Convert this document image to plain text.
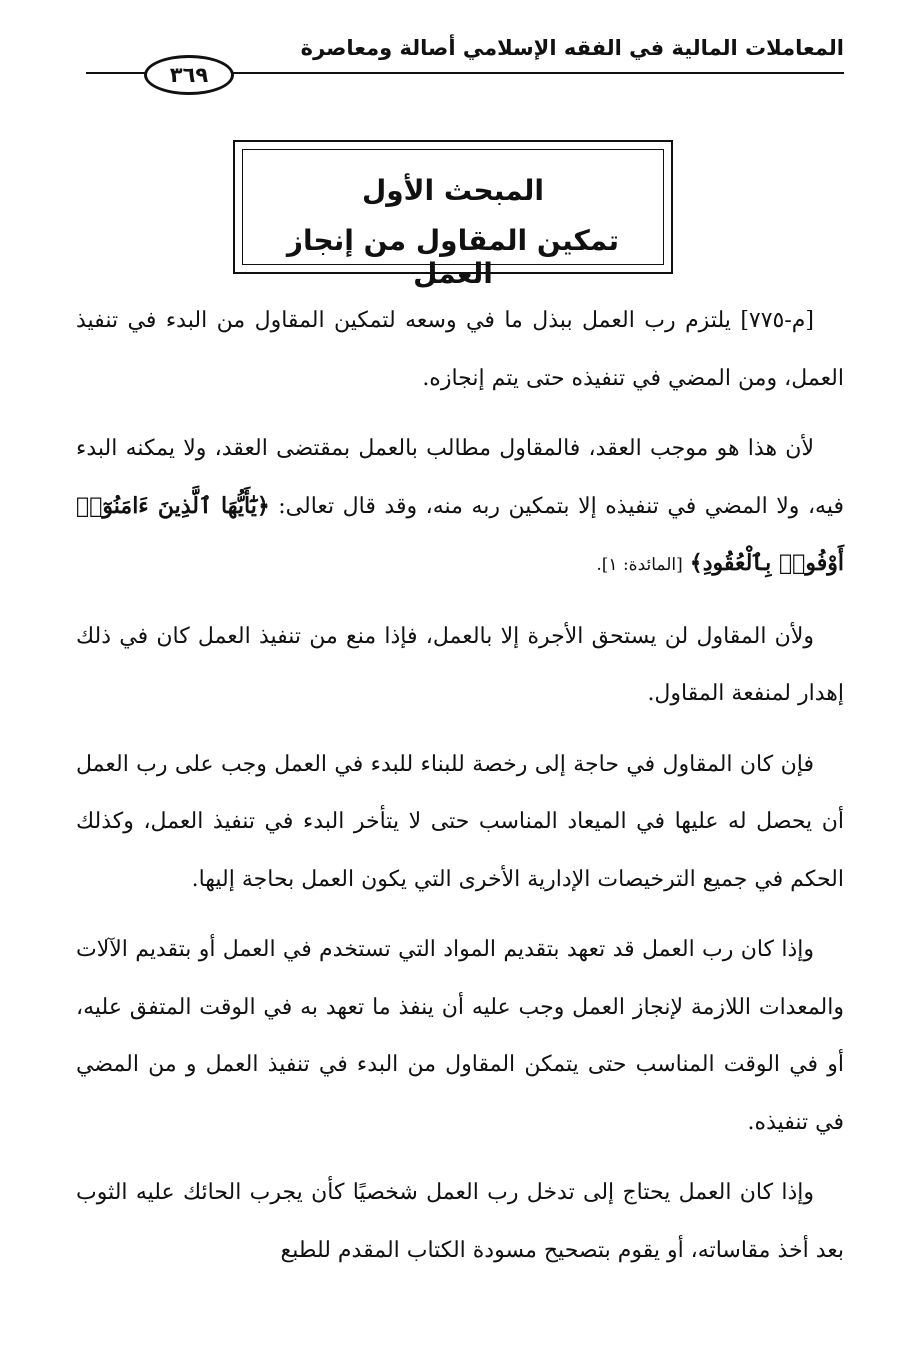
المعاملات المالية في الفقه الإسلامي أصالة ومعاصرة
٣٦٩
المبحث الأول
تمكين المقاول من إنجاز العمل

[م-٧٧٥] يلتزم رب العمل ببذل ما في وسعه لتمكين المقاول من البدء في تنفيذ العمل، ومن المضي في تنفيذه حتى يتم إنجازه.

لأن هذا هو موجب العقد، فالمقاول مطالب بالعمل بمقتضى العقد، ولا يمكنه البدء فيه، ولا المضي في تنفيذه إلا بتمكين ربه منه، وقد قال تعالى: ﴿يَٰٓأَيُّهَا ٱلَّذِينَ ءَامَنُوٓا۟ أَوْفُوا۟ بِٱلْعُقُودِ﴾ [المائدة: ١].

ولأن المقاول لن يستحق الأجرة إلا بالعمل، فإذا منع من تنفيذ العمل كان في ذلك إهدار لمنفعة المقاول.

فإن كان المقاول في حاجة إلى رخصة للبناء للبدء في العمل وجب على رب العمل أن يحصل له عليها في الميعاد المناسب حتى لا يتأخر البدء في تنفيذ العمل، وكذلك الحكم في جميع الترخيصات الإدارية الأخرى التي يكون العمل بحاجة إليها.

وإذا كان رب العمل قد تعهد بتقديم المواد التي تستخدم في العمل أو بتقديم الآلات والمعدات اللازمة لإنجاز العمل وجب عليه أن ينفذ ما تعهد به في الوقت المتفق عليه، أو في الوقت المناسب حتى يتمكن المقاول من البدء في تنفيذ العمل و من المضي في تنفيذه.

وإذا كان العمل يحتاج إلى تدخل رب العمل شخصيًا كأن يجرب الحائك عليه الثوب بعد أخذ مقاساته، أو يقوم بتصحيح مسودة الكتاب المقدم للطبع
